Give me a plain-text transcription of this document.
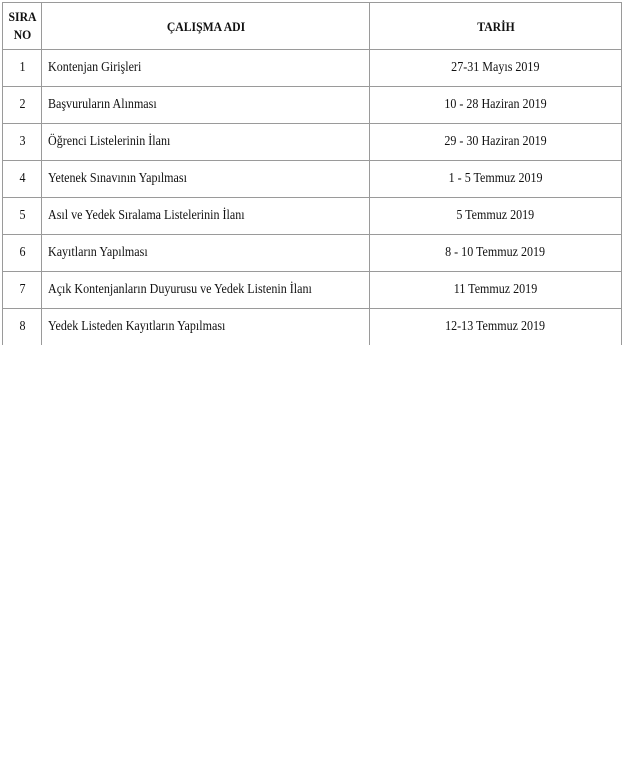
SIRA
NO	ÇALIŞMA ADI	TARİH
1	Kontenjan Girişleri	27-31 Mayıs 2019
2	Başvuruların Alınması	10 - 28 Haziran 2019
3	Öğrenci Listelerinin İlanı	29 - 30 Haziran 2019
4	Yetenek Sınavının Yapılması	1 - 5 Temmuz 2019
5	Asıl ve Yedek Sıralama Listelerinin İlanı	5 Temmuz 2019
6	Kayıtların Yapılması	8 - 10 Temmuz 2019
7	Açık Kontenjanların Duyurusu ve Yedek Listenin İlanı	11 Temmuz 2019
8	Yedek Listeden Kayıtların Yapılması	12-13 Temmuz 2019
